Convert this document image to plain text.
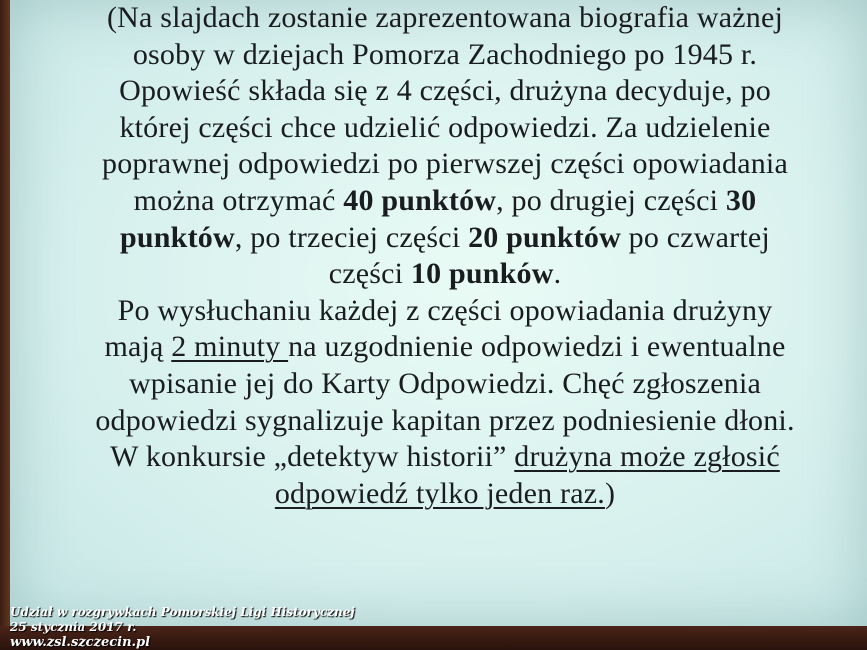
(Na slajdach zostanie zaprezentowana biografia ważnej
osoby w dziejach Pomorza Zachodniego po 1945 r.
Opowieść składa się z 4 części, drużyna decyduje, po
której części chce udzielić odpowiedzi. Za udzielenie
poprawnej odpowiedzi po pierwszej części opowiadania
można otrzymać 40 punktów, po drugiej części 30
punktów, po trzeciej części 20 punktów po czwartej
części 10 punków.
Po wysłuchaniu każdej z części opowiadania drużyny
mają 2 minuty na uzgodnienie odpowiedzi i ewentualne
wpisanie jej do Karty Odpowiedzi. Chęć zgłoszenia
odpowiedzi sygnalizuje kapitan przez podniesienie dłoni.
W konkursie „detektyw historii” drużyna może zgłosić
odpowiedź tylko jeden raz.)
Udział w rozgrywkach Pomorskiej Ligi Historycznej
25 stycznia 2017 r.
www.zsl.szczecin.pl
